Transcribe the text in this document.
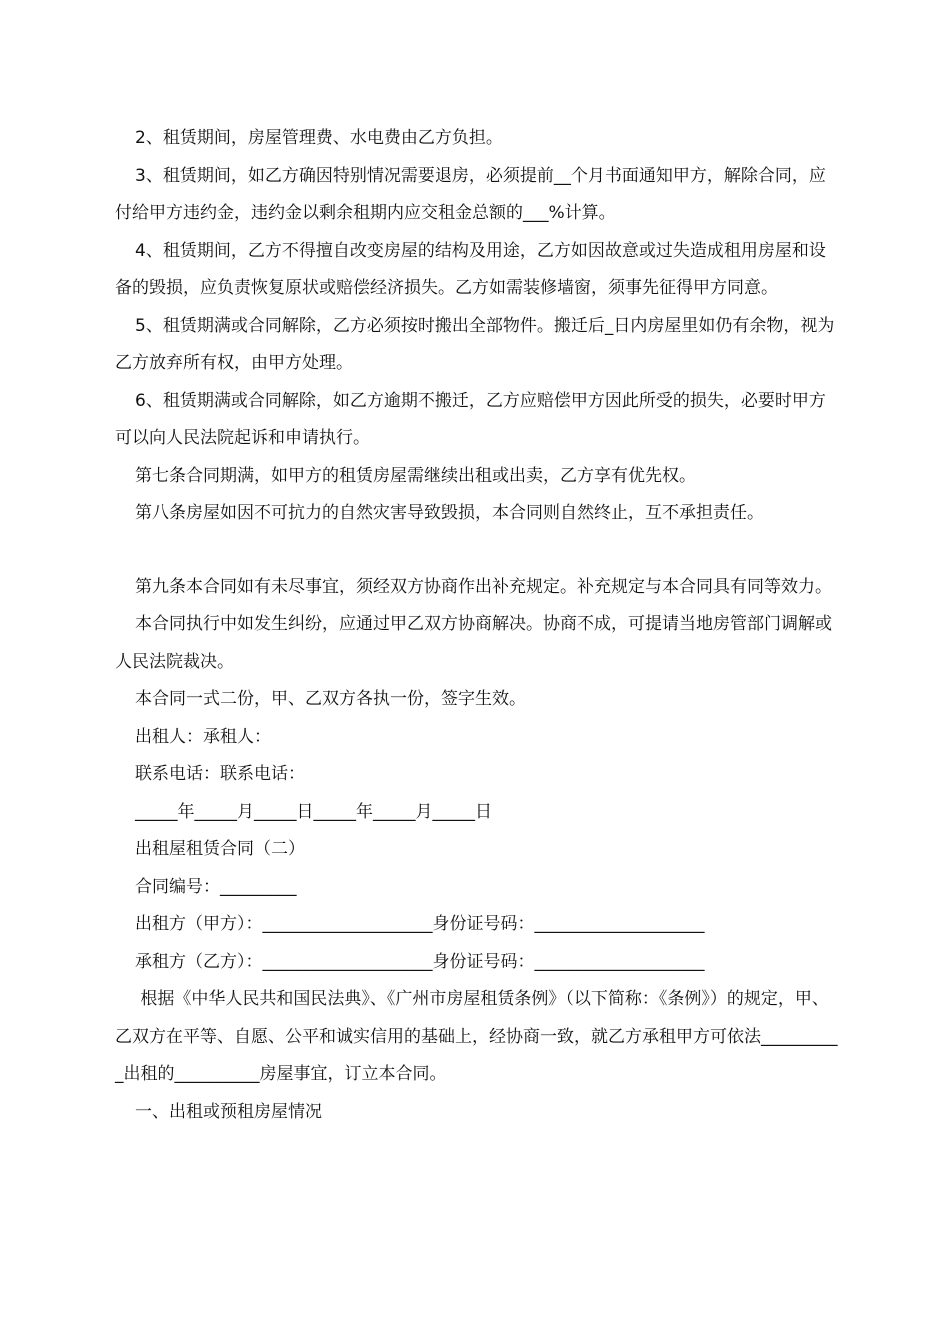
2、租赁期间，房屋管理费、水电费由乙方负担。

3、租赁期间，如乙方确因特别情况需要退房，必须提前__个月书面通知甲方，解除合同，应付给甲方违约金，违约金以剩余租期内应交租金总额的___%计算。

4、租赁期间，乙方不得擅自改变房屋的结构及用途，乙方如因故意或过失造成租用房屋和设备的毁损，应负责恢复原状或赔偿经济损失。乙方如需装修墙窗，须事先征得甲方同意。

5、租赁期满或合同解除，乙方必须按时搬出全部物件。搬迁后_日内房屋里如仍有余物，视为乙方放弃所有权，由甲方处理。

6、租赁期满或合同解除，如乙方逾期不搬迁，乙方应赔偿甲方因此所受的损失，必要时甲方可以向人民法院起诉和申请执行。

第七条合同期满，如甲方的租赁房屋需继续出租或出卖，乙方享有优先权。

第八条房屋如因不可抗力的自然灾害导致毁损，本合同则自然终止，互不承担责任。

第九条本合同如有未尽事宜，须经双方协商作出补充规定。补充规定与本合同具有同等效力。

本合同执行中如发生纠纷，应通过甲乙双方协商解决。协商不成，可提请当地房管部门调解或人民法院裁决。

本合同一式二份，甲、乙双方各执一份，签字生效。

出租人：承租人：

联系电话：联系电话：

_____年_____月_____日_____年_____月_____日

出租屋租赁合同（二）

合同编号：_________

出租方（甲方）：____________________身份证号码：____________________

承租方（乙方）：____________________身份证号码：____________________

根据《中华人民共和国民法典》、《广州市房屋租赁条例》（以下简称：《条例》）的规定，甲、乙双方在平等、自愿、公平和诚实信用的基础上，经协商一致，就乙方承租甲方可依法__________出租的__________房屋事宜，订立本合同。

一、出租或预租房屋情况
